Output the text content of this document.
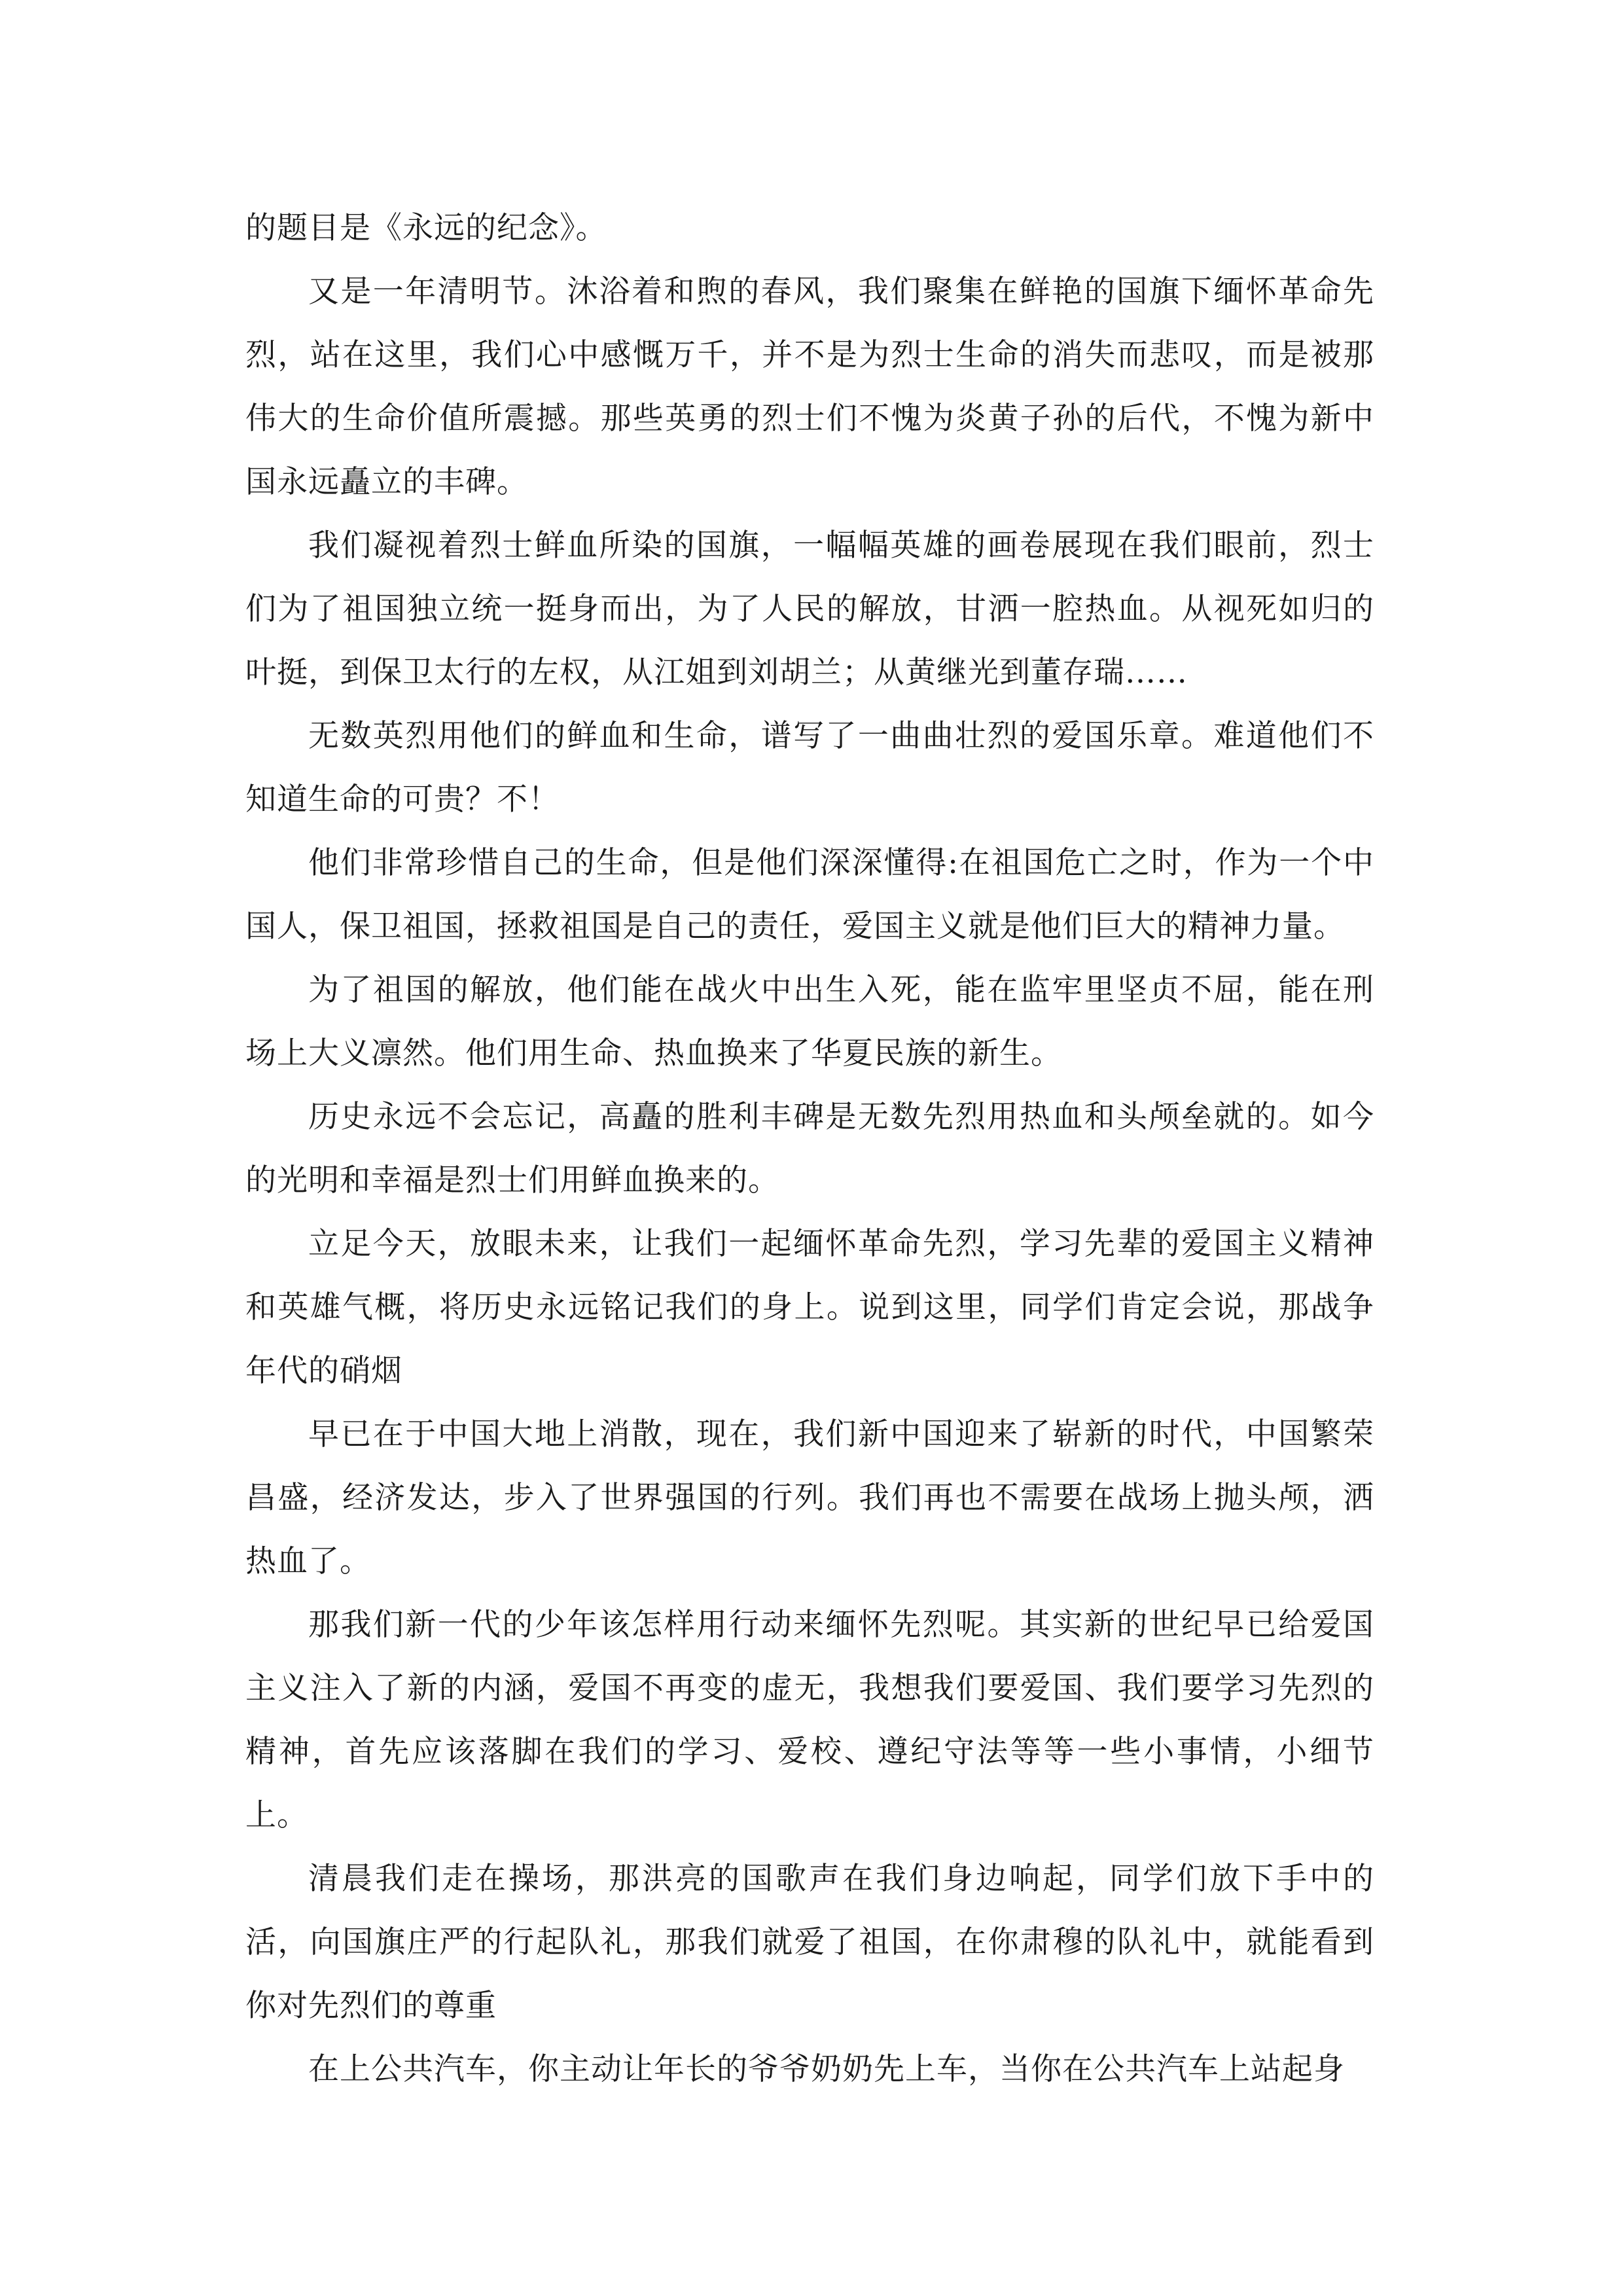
的题目是《永远的纪念》。

又是一年清明节。沐浴着和煦的春风，我们聚集在鲜艳的国旗下缅怀革命先烈，站在这里，我们心中感慨万千，并不是为烈士生命的消失而悲叹，而是被那伟大的生命价值所震撼。那些英勇的烈士们不愧为炎黄子孙的后代，不愧为新中国永远矗立的丰碑。

我们凝视着烈士鲜血所染的国旗，一幅幅英雄的画卷展现在我们眼前，烈士们为了祖国独立统一挺身而出，为了人民的解放，甘洒一腔热血。从视死如归的叶挺，到保卫太行的左权，从江姐到刘胡兰；从黄继光到董存瑞……

无数英烈用他们的鲜血和生命，谱写了一曲曲壮烈的爱国乐章。难道他们不知道生命的可贵？不！

他们非常珍惜自己的生命，但是他们深深懂得:在祖国危亡之时，作为一个中国人，保卫祖国，拯救祖国是自己的责任，爱国主义就是他们巨大的精神力量。

为了祖国的解放，他们能在战火中出生入死，能在监牢里坚贞不屈，能在刑场上大义凛然。他们用生命、热血换来了华夏民族的新生。

历史永远不会忘记，高矗的胜利丰碑是无数先烈用热血和头颅垒就的。如今的光明和幸福是烈士们用鲜血换来的。

立足今天，放眼未来，让我们一起缅怀革命先烈，学习先辈的爱国主义精神和英雄气概，将历史永远铭记我们的身上。说到这里，同学们肯定会说，那战争年代的硝烟

早已在于中国大地上消散，现在，我们新中国迎来了崭新的时代，中国繁荣昌盛，经济发达，步入了世界强国的行列。我们再也不需要在战场上抛头颅，洒热血了。

那我们新一代的少年该怎样用行动来缅怀先烈呢。其实新的世纪早已给爱国主义注入了新的内涵，爱国不再变的虚无，我想我们要爱国、我们要学习先烈的精神，首先应该落脚在我们的学习、爱校、遵纪守法等等一些小事情，小细节上。

清晨我们走在操场，那洪亮的国歌声在我们身边响起，同学们放下手中的活，向国旗庄严的行起队礼，那我们就爱了祖国，在你肃穆的队礼中，就能看到你对先烈们的尊重

在上公共汽车，你主动让年长的爷爷奶奶先上车，当你在公共汽车上站起身
